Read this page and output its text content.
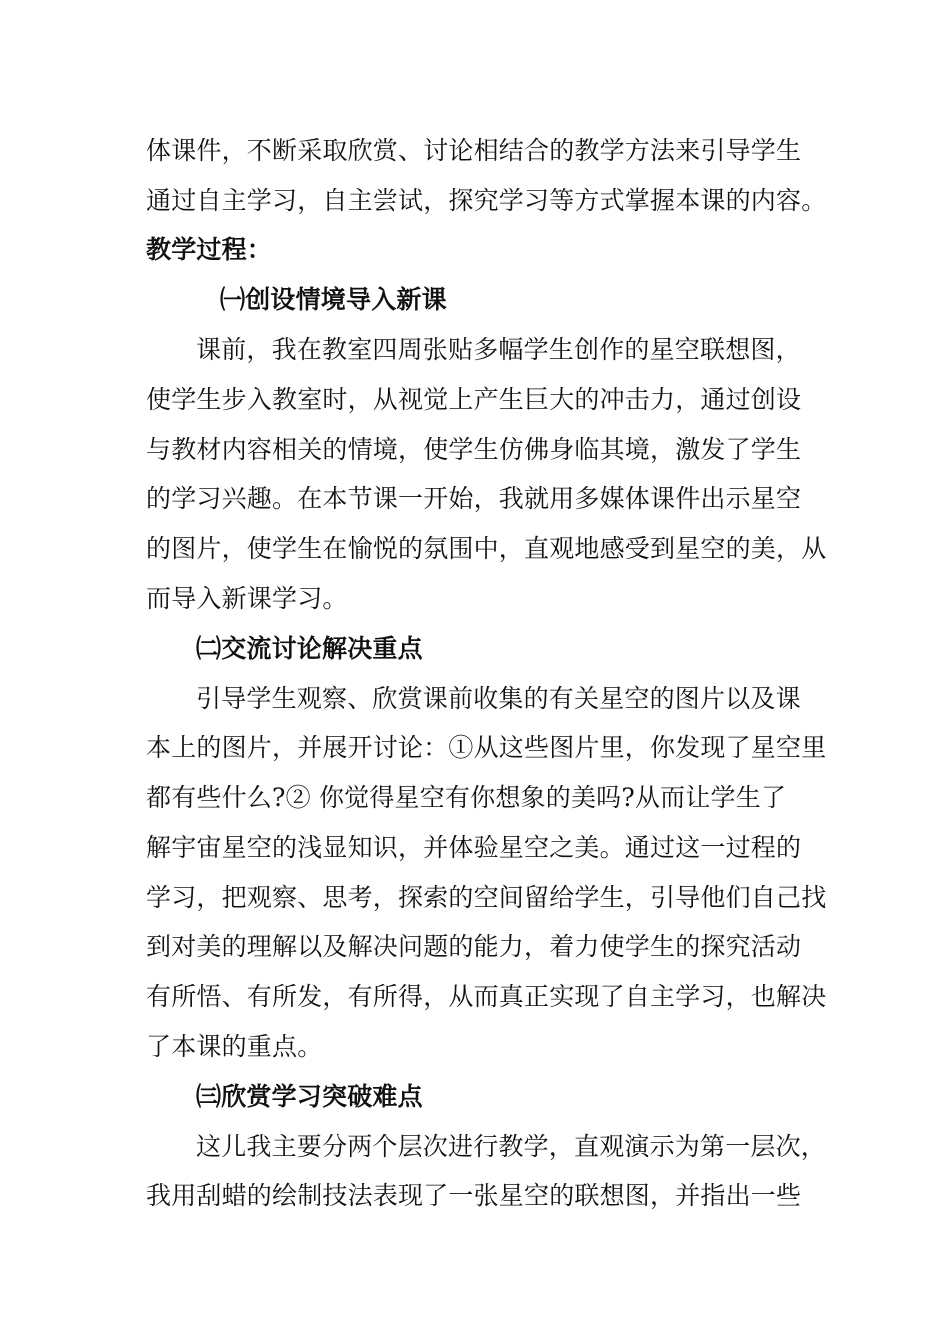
体课件，不断采取欣赏、讨论相结合的教学方法来引导学生
通过自主学习，自主尝试，探究学习等方式掌握本课的内容。
教学过程：
㈠创设情境导入新课
课前，我在教室四周张贴多幅学生创作的星空联想图，
使学生步入教室时，从视觉上产生巨大的冲击力，通过创设
与教材内容相关的情境，使学生仿佛身临其境，激发了学生
的学习兴趣。在本节课一开始，我就用多媒体课件出示星空
的图片，使学生在愉悦的氛围中，直观地感受到星空的美，从
而导入新课学习。
㈡交流讨论解决重点
引导学生观察、欣赏课前收集的有关星空的图片以及课
本上的图片，并展开讨论：①从这些图片里，你发现了星空里
都有些什么?② 你觉得星空有你想象的美吗?从而让学生了
解宇宙星空的浅显知识，并体验星空之美。通过这一过程的
学习，把观察、思考，探索的空间留给学生，引导他们自己找
到对美的理解以及解决问题的能力，着力使学生的探究活动
有所悟、有所发，有所得，从而真正实现了自主学习，也解决
了本课的重点。
㈢欣赏学习突破难点
这儿我主要分两个层次进行教学，直观演示为第一层次，
我用刮蜡的绘制技法表现了一张星空的联想图，并指出一些
